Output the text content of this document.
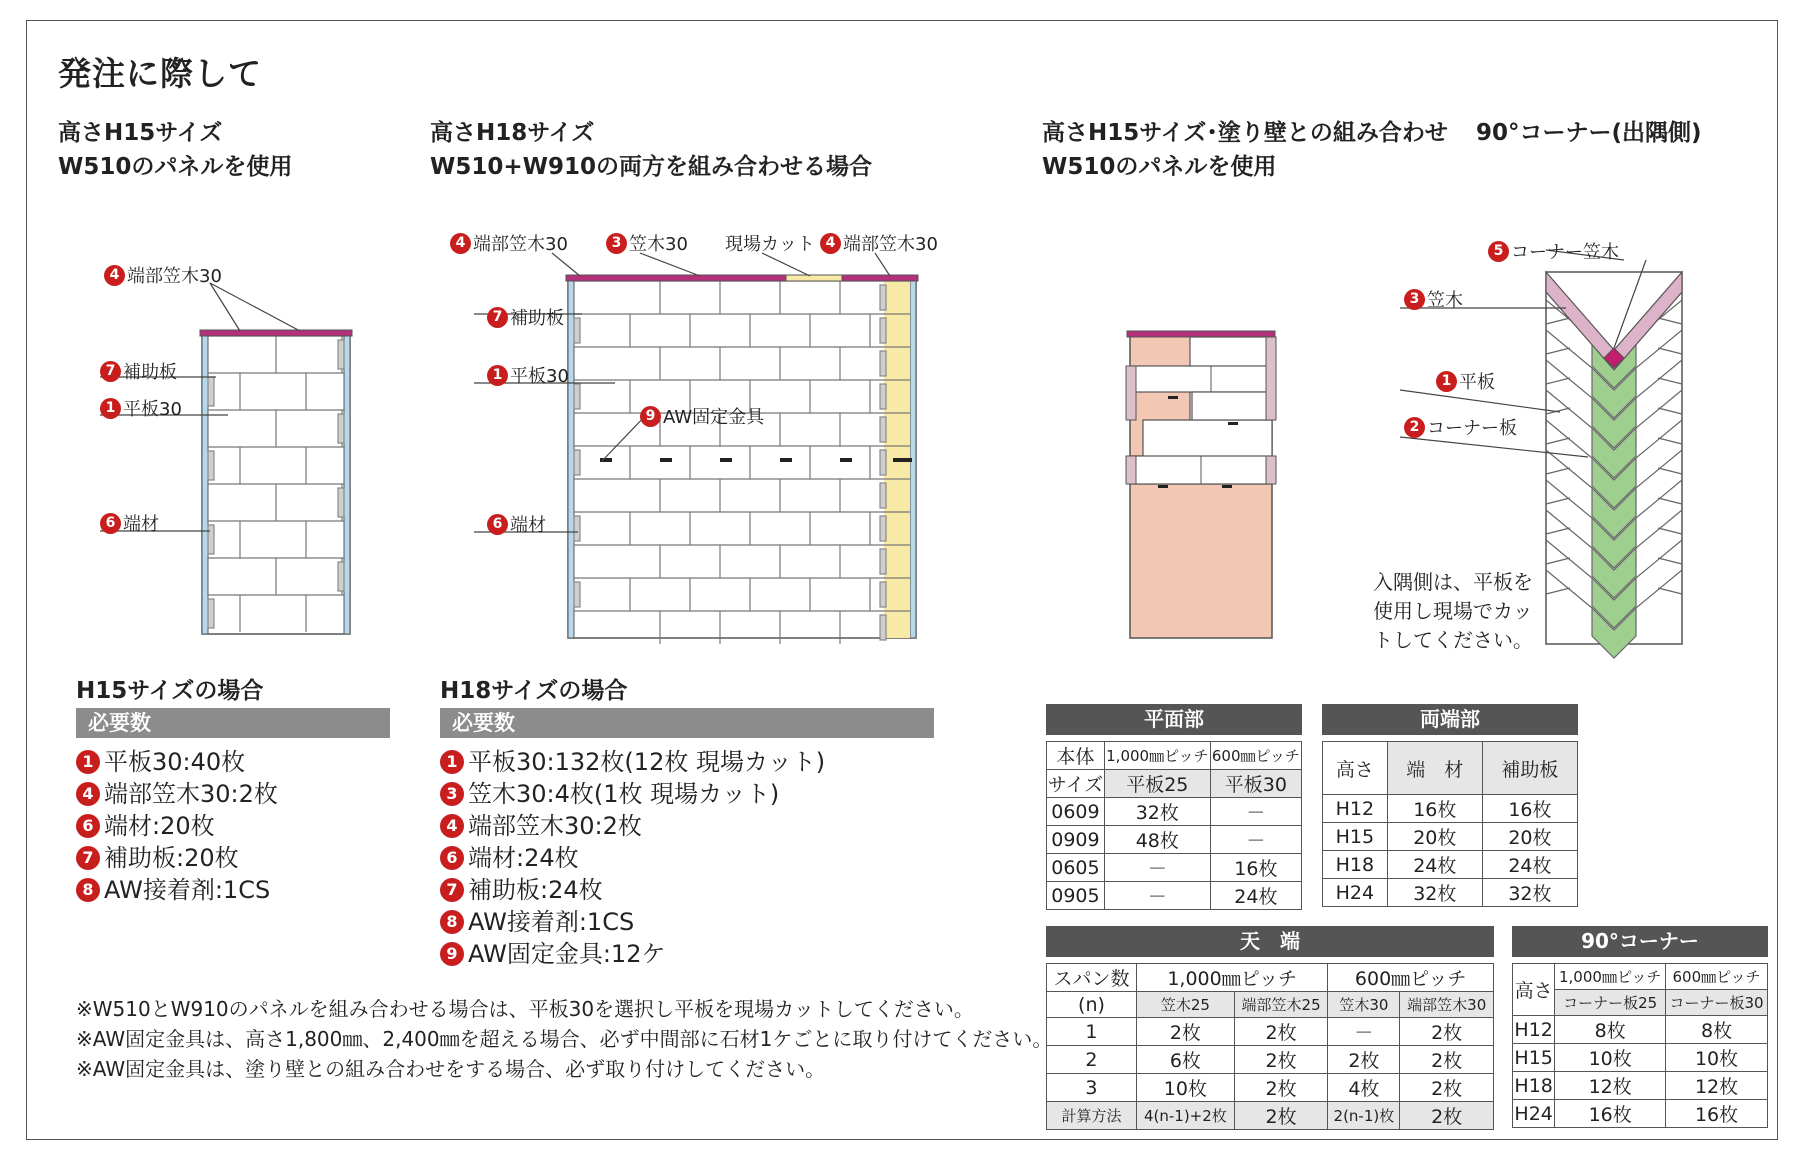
発注に際して
高さH15サイズ
W510のパネルを使用
高さH18サイズ
W510+W910の両方を組み合わせる場合
高さH15サイズ･塗り壁との組み合わせ
W510のパネルを使用
90°コーナー(出隅側)
4 端部笠木30
7 補助板
1 平板30
6 端材
4 端部笠木30	3 笠木30 現場カット 4 端部笠木30
7 補助板
1 平板30
9 AW固定金具
6 端材
5 コーナー笠木
3 笠木
1 平板
2 コーナー板
入隅側は、平板を
使用し現場でカッ
トしてください。
H15サイズの場合
必要数
1 平板30:40枚
4 端部笠木30:2枚
6 端材:20枚
7 補助板:20枚
8 AW接着剤:1CS
H18サイズの場合
必要数
1 平板30:132枚(12枚 現場カット)
3 笠木30:4枚(1枚 現場カット)
4 端部笠木30:2枚
6 端材:24枚
7 補助板:24枚
8 AW接着剤:1CS
9 AW固定金具:12ケ
※W510とW910のパネルを組み合わせる場合は、平板30を選択し平板を現場カットしてください。
※AW固定金具は、高さ1,800㎜、2,400㎜を超える場合、必ず中間部に石材1ケごとに取り付けてください。
※AW固定金具は、塗り壁との組み合わせをする場合、必ず取り付けしてください。
平面部
本体	1,000㎜ピッチ	600㎜ピッチ
サイズ	平板25	平板30
0609	32枚	－
0909	48枚	－
0605	－	16枚
0905	－	24枚
両端部
高さ	端　材	補助板
H12	16枚	16枚
H15	20枚	20枚
H18	24枚	24枚
H24	32枚	32枚
天　端
スパン数	1,000㎜ピッチ		600㎜ピッチ	
(n)	笠木25	端部笠木25	笠木30	端部笠木30
1	2枚	2枚	－	2枚
2	6枚	2枚	2枚	2枚
3	10枚	2枚	4枚	2枚
計算方法	4(n-1)+2枚	2枚	2(n-1)枚	2枚
90°コーナー
高さ	1,000㎜ピッチ	600㎜ピッチ
	コーナー板25	コーナー板30
H12	8枚	8枚
H15	10枚	10枚
H18	12枚	12枚
H24	16枚	16枚
